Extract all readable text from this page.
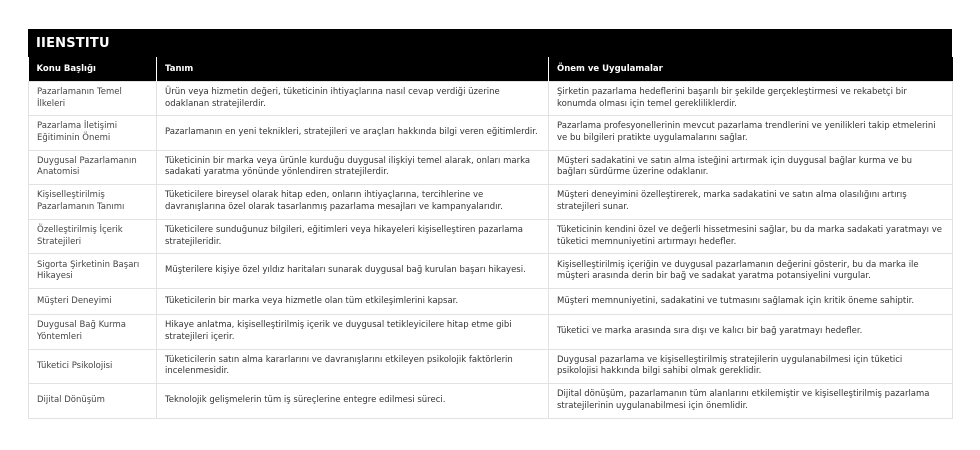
IIENSTITU
Konu Başlığı	Tanım	Önem ve Uygulamalar
Pazarlamanın Temel İlkeleri	Ürün veya hizmetin değeri, tüketicinin ihtiyaçlarına nasıl cevap verdiği üzerine odaklanan stratejilerdir.	Şirketin pazarlama hedeflerini başarılı bir şekilde gerçekleştirmesi ve rekabetçi bir konumda olması için temel gerekliliklerdir.
Pazarlama İletişimi Eğitiminin Önemi	Pazarlamanın en yeni teknikleri, stratejileri ve araçları hakkında bilgi veren eğitimlerdir.	Pazarlama profesyonellerinin mevcut pazarlama trendlerini ve yenilikleri takip etmelerini ve bu bilgileri pratikte uygulamalarını sağlar.
Duygusal Pazarlamanın Anatomisi	Tüketicinin bir marka veya ürünle kurduğu duygusal ilişkiyi temel alarak, onları marka sadakati yaratma yönünde yönlendiren stratejilerdir.	Müşteri sadakatini ve satın alma isteğini artırmak için duygusal bağlar kurma ve bu bağları sürdürme üzerine odaklanır.
Kişiselleştirilmiş Pazarlamanın Tanımı	Tüketicilere bireysel olarak hitap eden, onların ihtiyaçlarına, tercihlerine ve davranışlarına özel olarak tasarlanmış pazarlama mesajları ve kampanyalarıdır.	Müşteri deneyimini özelleştirerek, marka sadakatini ve satın alma olasılığını artırış stratejileri sunar.
Özelleştirilmiş İçerik Stratejileri	Tüketicilere sunduğunuz bilgileri, eğitimleri veya hikayeleri kişiselleştiren pazarlama stratejileridir.	Tüketicinin kendini özel ve değerli hissetmesini sağlar, bu da marka sadakati yaratmayı ve tüketici memnuniyetini artırmayı hedefler.
Sigorta Şirketinin Başarı Hikayesi	Müşterilere kişiye özel yıldız haritaları sunarak duygusal bağ kurulan başarı hikayesi.	Kişiselleştirilmiş içeriğin ve duygusal pazarlamanın değerini gösterir, bu da marka ile müşteri arasında derin bir bağ ve sadakat yaratma potansiyelini vurgular.
Müşteri Deneyimi	Tüketicilerin bir marka veya hizmetle olan tüm etkileşimlerini kapsar.	Müşteri memnuniyetini, sadakatini ve tutmasını sağlamak için kritik öneme sahiptir.
Duygusal Bağ Kurma Yöntemleri	Hikaye anlatma, kişiselleştirilmiş içerik ve duygusal tetikleyicilere hitap etme gibi stratejileri içerir.	Tüketici ve marka arasında sıra dışı ve kalıcı bir bağ yaratmayı hedefler.
Tüketici Psikolojisi	Tüketicilerin satın alma kararlarını ve davranışlarını etkileyen psikolojik faktörlerin incelenmesidir.	Duygusal pazarlama ve kişiselleştirilmiş stratejilerin uygulanabilmesi için tüketici psikolojisi hakkında bilgi sahibi olmak gereklidir.
Dijital Dönüşüm	Teknolojik gelişmelerin tüm iş süreçlerine entegre edilmesi süreci.	Dijital dönüşüm, pazarlamanın tüm alanlarını etkilemiştir ve kişiselleştirilmiş pazarlama stratejilerinin uygulanabilmesi için önemlidir.
